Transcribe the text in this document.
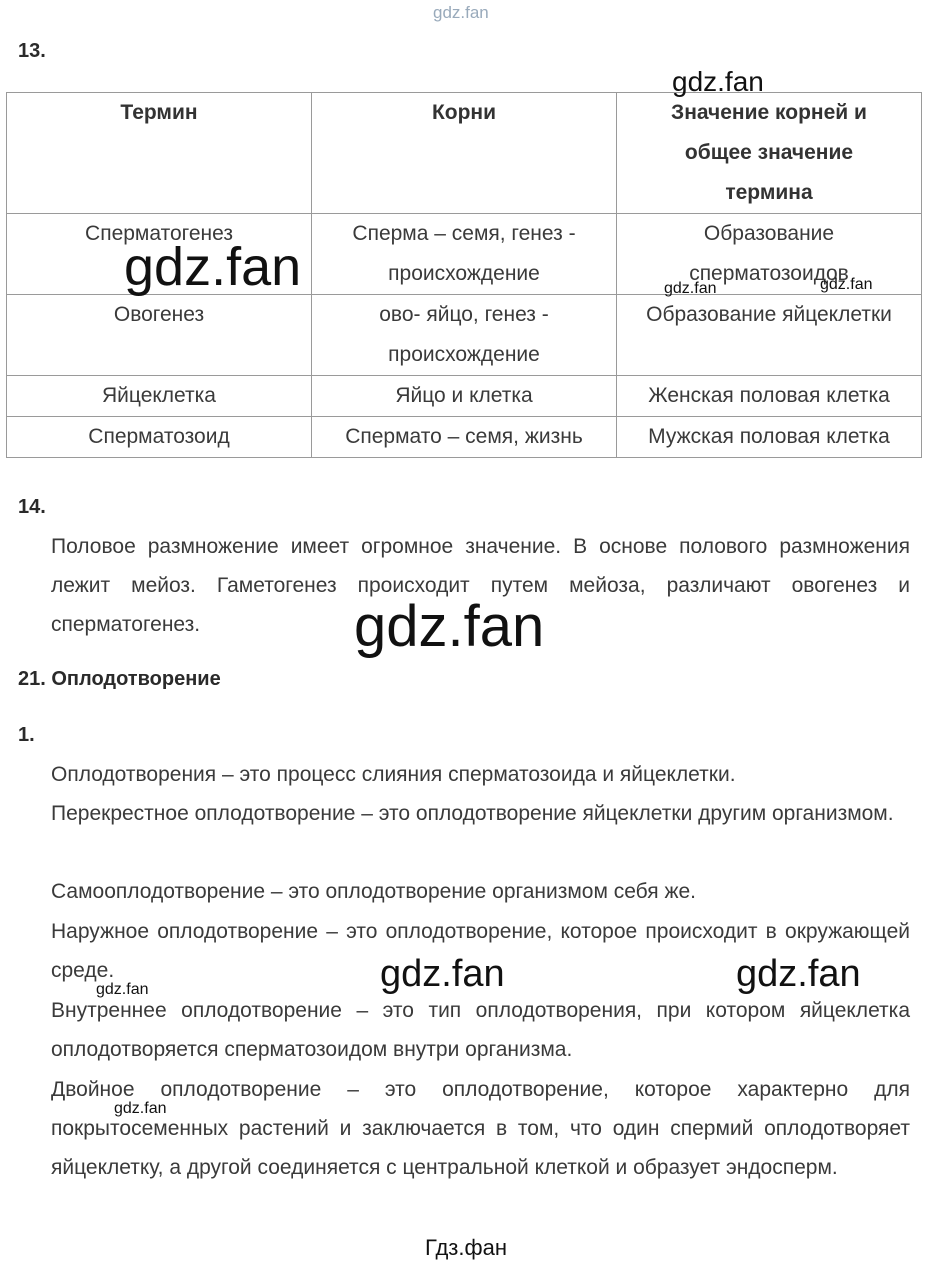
gdz.fan
13.
Термин	Корни	Значение корней и общее значение термина
Сперматогенез	Сперма – семя, генез - происхождение	Образование сперматозоидов
Овогенез	ово- яйцо, генез - происхождение	Образование яйцеклетки
Яйцеклетка	Яйцо и клетка	Женская половая клетка
Сперматозоид	Спермато – семя, жизнь	Мужская половая клетка
gdz.fan
gdz.fan	gdz.fan	gdz.fan
14.
Половое размножение имеет огромное значение. В основе полового размножения лежит мейоз. Гаметогенез происходит путем мейоза, различают овогенез и сперматогенез.	gdz.fan
21. Оплодотворение
1.
Оплодотворения – это процесс слияния сперматозоида и яйцеклетки.
Перекрестное оплодотворение – это оплодотворение яйцеклетки другим организмом.
Самооплодотворение – это оплодотворение организмом себя же.
Наружное оплодотворение – это оплодотворение, которое происходит в окружающей среде.
Внутреннее оплодотворение – это тип оплодотворения, при котором яйцеклетка оплодотворяется сперматозоидом внутри организма.
Двойное оплодотворение – это оплодотворение, которое характерно для покрытосеменных растений и заключается в том, что один спермий оплодотворяет яйцеклетку, а другой соединяется с центральной клеткой и образует эндосперм.
gdz.fan	gdz.fan
gdz.fan
gdz.fan
Гдз.фан
